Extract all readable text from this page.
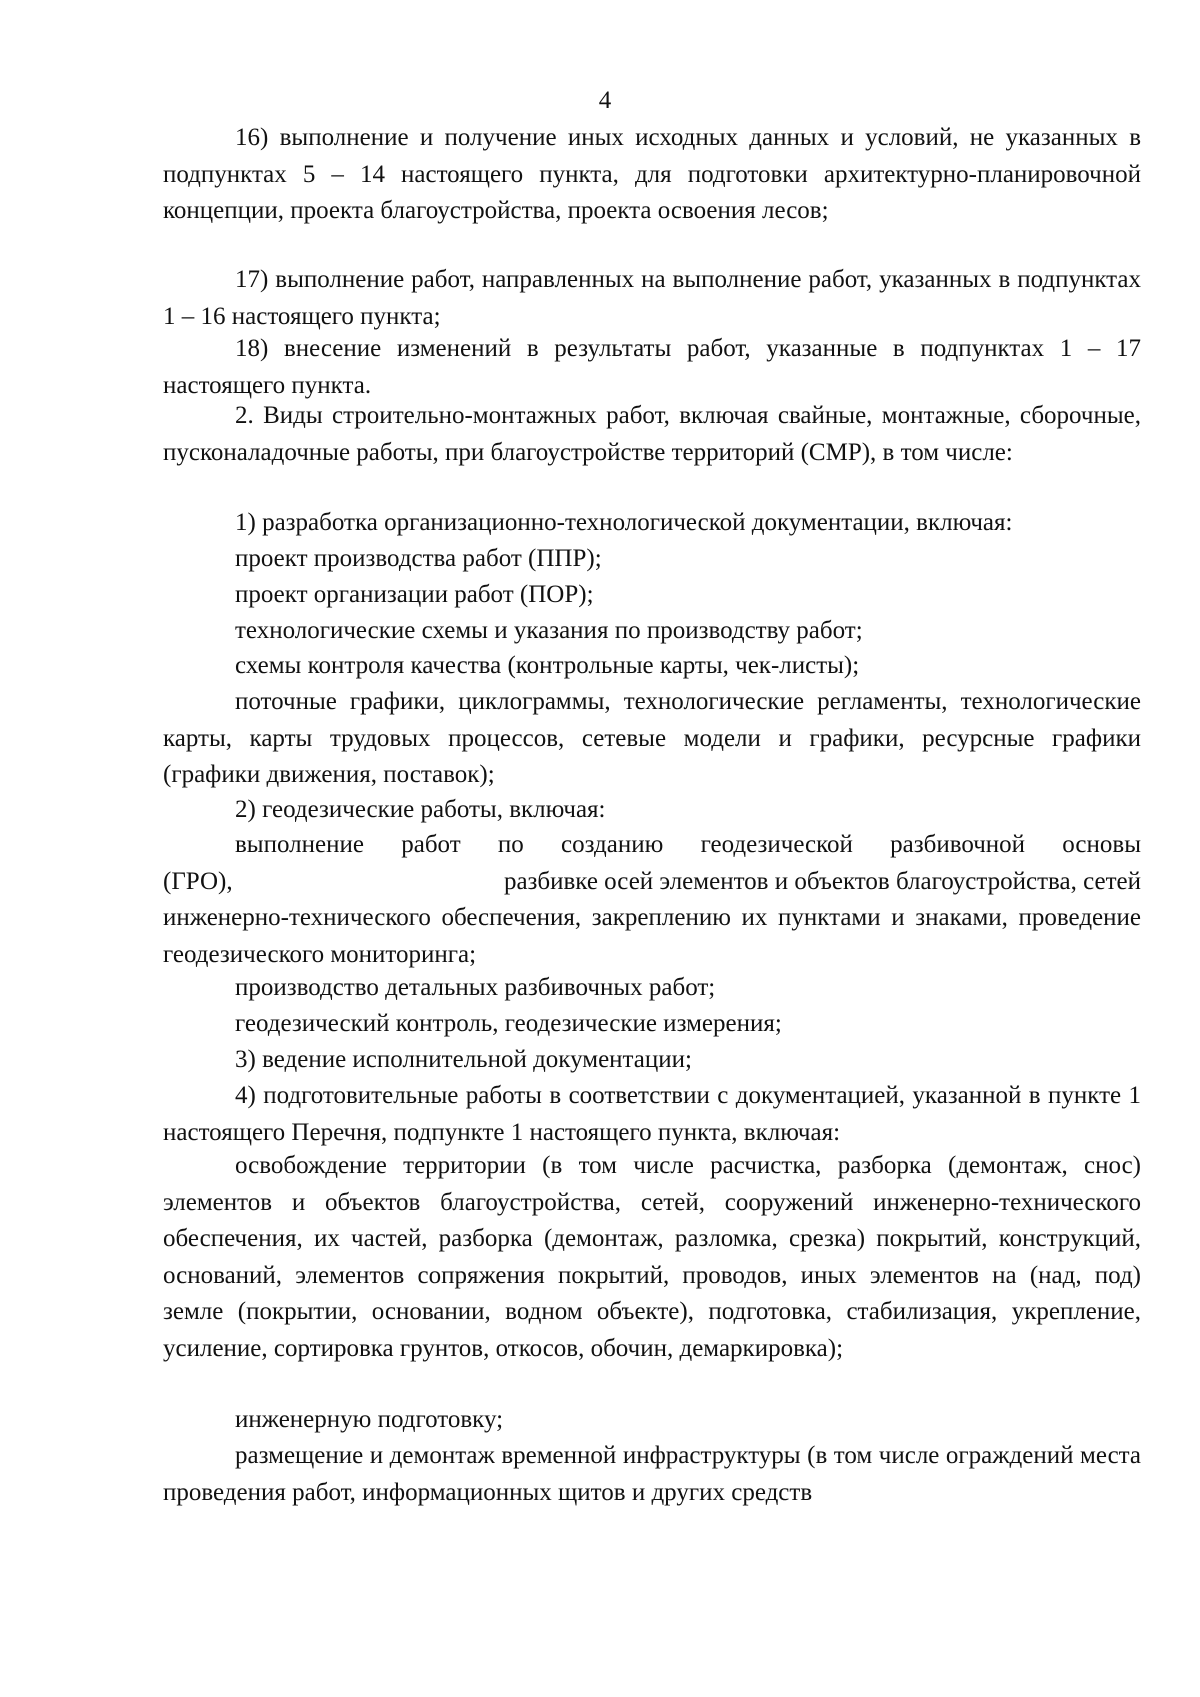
4

16) выполнение и получение иных исходных данных и условий, не указанных в подпунктах 5 – 14 настоящего пункта, для подготовки архитектурно-планировочной концепции, проекта благоустройства, проекта освоения лесов;

17) выполнение работ, направленных на выполнение работ, указанных в подпунктах 1 – 16 настоящего пункта;

18) внесение изменений в результаты работ, указанные в подпунктах 1 – 17 настоящего пункта.

2. Виды строительно-монтажных работ, включая свайные, монтажные, сборочные, пусконаладочные работы, при благоустройстве территорий (СМР), в том числе:

1) разработка организационно-технологической документации, включая:

проект производства работ (ППР);

проект организации работ (ПОР);

технологические схемы и указания по производству работ;

схемы контроля качества (контрольные карты, чек-листы);

поточные графики, циклограммы, технологические регламенты, технологические карты, карты трудовых процессов, сетевые модели и графики, ресурсные графики (графики движения, поставок);

2) геодезические работы, включая:

выполнение работ по созданию геодезической разбивочной основы

(ГРО),	разбивке осей элементов и объектов благоустройства, сетей

инженерно-технического обеспечения, закреплению их пунктами и знаками, проведение геодезического мониторинга;

производство детальных разбивочных работ;

геодезический контроль, геодезические измерения;

3) ведение исполнительной документации;

4) подготовительные работы в соответствии с документацией, указанной в пункте 1 настоящего Перечня, подпункте 1 настоящего пункта, включая:

освобождение территории (в том числе расчистка, разборка (демонтаж, снос) элементов и объектов благоустройства, сетей, сооружений инженерно-технического обеспечения, их частей, разборка (демонтаж, разломка, срезка) покрытий, конструкций, оснований, элементов сопряжения покрытий, проводов, иных элементов на (над, под) земле (покрытии, основании, водном объекте), подготовка, стабилизация, укрепление, усиление, сортировка грунтов, откосов, обочин, демаркировка);

инженерную подготовку;

размещение и демонтаж временной инфраструктуры (в том числе ограждений места проведения работ, информационных щитов и других средств
